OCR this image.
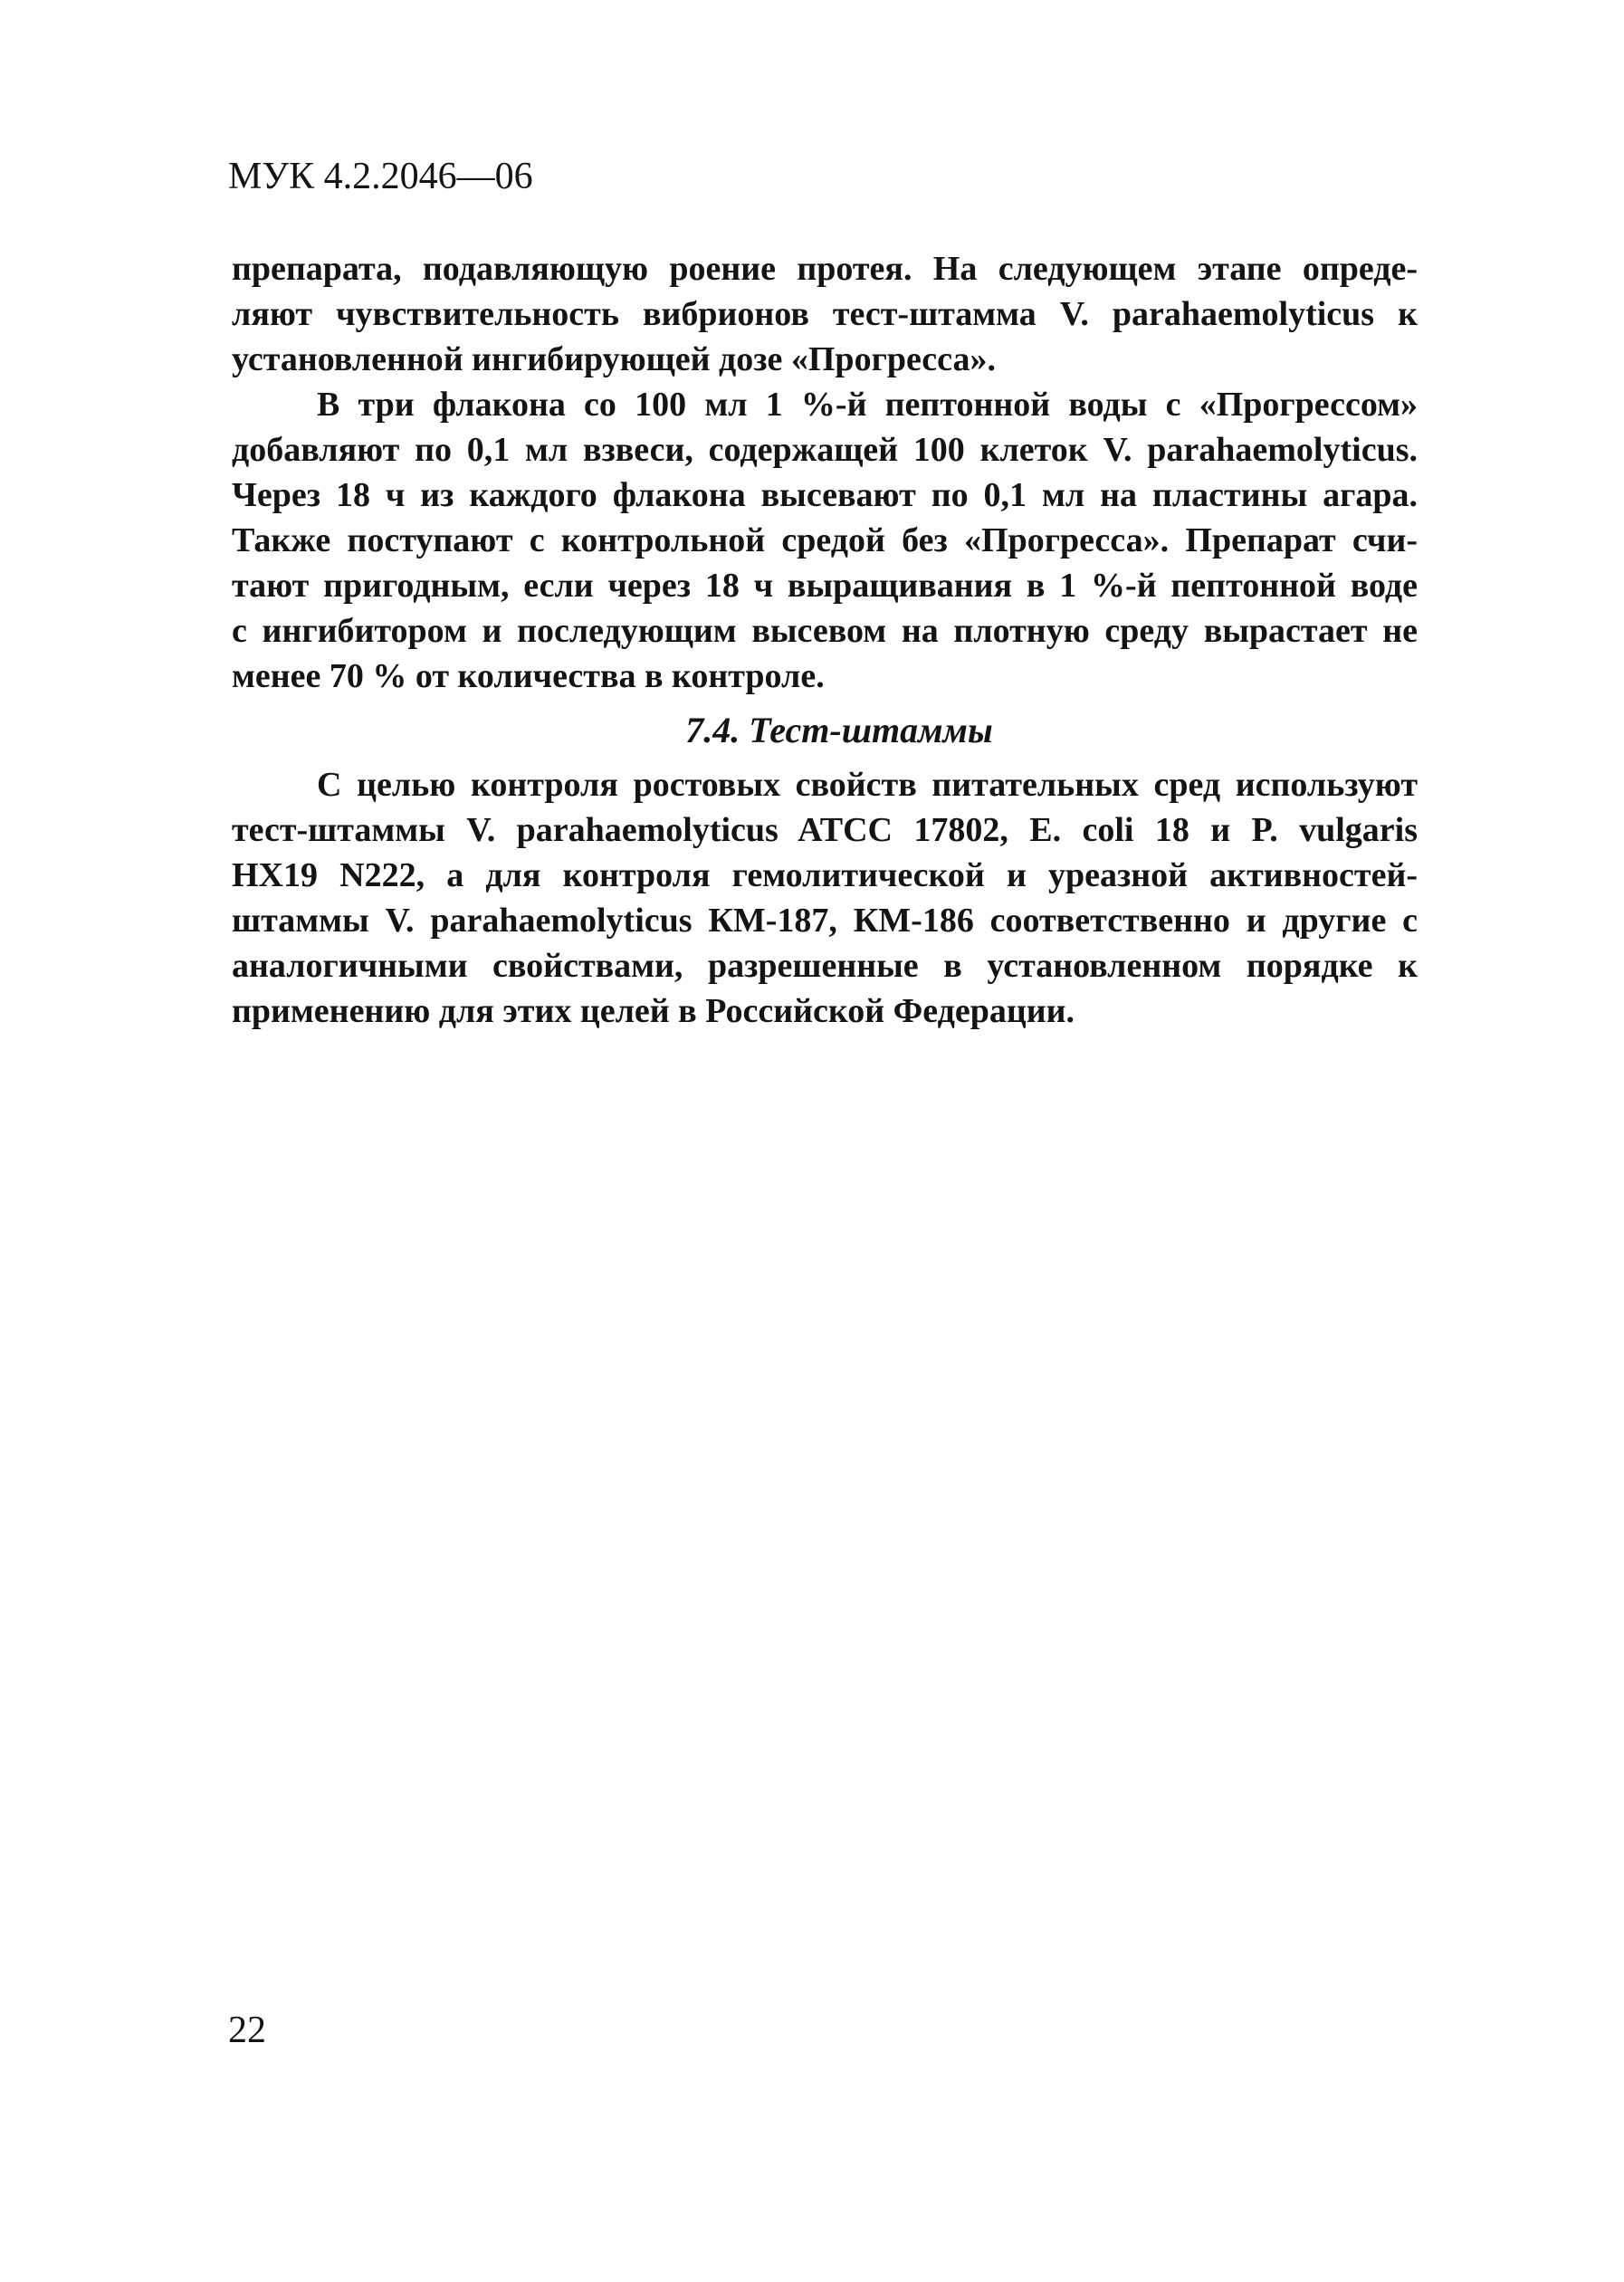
МУК 4.2.2046—06
препарата, подавляющую роение протея. На следующем этапе опреде-
ляют чувствительность вибрионов тест-штамма V. parahaemolyticus к
установленной ингибирующей дозе «Прогресса».
В три флакона со 100 мл 1 %-й пептонной воды с «Прогрессом»
добавляют по 0,1 мл взвеси, содержащей 100 клеток V. parahaemolyticus.
Через 18 ч из каждого флакона высевают по 0,1 мл на пластины агара.
Также поступают с контрольной средой без «Прогресса». Препарат счи-
тают пригодным, если через 18 ч выращивания в 1 %-й пептонной воде
с ингибитором и последующим высевом на плотную среду вырастает не
менее 70 % от количества в контроле.
7.4. Тест-штаммы
С целью контроля ростовых свойств питательных сред используют
тест-штаммы V. parahaemolyticus ATCC 17802, E. coli 18 и P. vulgaris
HX19 N222, а для контроля гемолитической и уреазной активностей-
штаммы V. parahaemolyticus КМ-187, КМ-186 соответственно и другие с
аналогичными свойствами, разрешенные в установленном порядке к
применению для этих целей в Российской Федерации.
22
